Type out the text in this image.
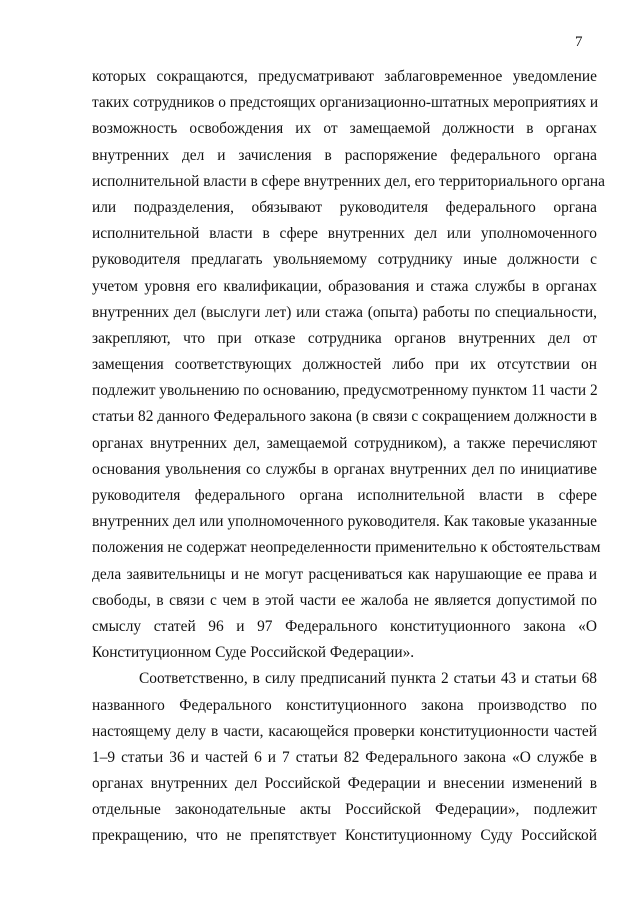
7
которых сокращаются, предусматривают заблаговременное уведомление
таких сотрудников о предстоящих организационно-штатных мероприятиях и
возможность освобождения их от замещаемой должности в органах
внутренних дел и зачисления в распоряжение федерального органа
исполнительной власти в сфере внутренних дел, его территориального органа
или подразделения, обязывают руководителя федерального органа
исполнительной власти в сфере внутренних дел или уполномоченного
руководителя предлагать увольняемому сотруднику иные должности с
учетом уровня его квалификации, образования и стажа службы в органах
внутренних дел (выслуги лет) или стажа (опыта) работы по специальности,
закрепляют, что при отказе сотрудника органов внутренних дел от
замещения соответствующих должностей либо при их отсутствии он
подлежит увольнению по основанию, предусмотренному пунктом 11 части 2
статьи 82 данного Федерального закона (в связи с сокращением должности в
органах внутренних дел, замещаемой сотрудником), а также перечисляют
основания увольнения со службы в органах внутренних дел по инициативе
руководителя федерального органа исполнительной власти в сфере
внутренних дел или уполномоченного руководителя. Как таковые указанные
положения не содержат неопределенности применительно к обстоятельствам
дела заявительницы и не могут расцениваться как нарушающие ее права и
свободы, в связи с чем в этой части ее жалоба не является допустимой по
смыслу статей 96 и 97 Федерального конституционного закона «О
Конституционном Суде Российской Федерации».
Соответственно, в силу предписаний пункта 2 статьи 43 и статьи 68
названного Федерального конституционного закона производство по
настоящему делу в части, касающейся проверки конституционности частей
1–9 статьи 36 и частей 6 и 7 статьи 82 Федерального закона «О службе в
органах внутренних дел Российской Федерации и внесении изменений в
отдельные законодательные акты Российской Федерации», подлежит
прекращению, что не препятствует Конституционному Суду Российской
